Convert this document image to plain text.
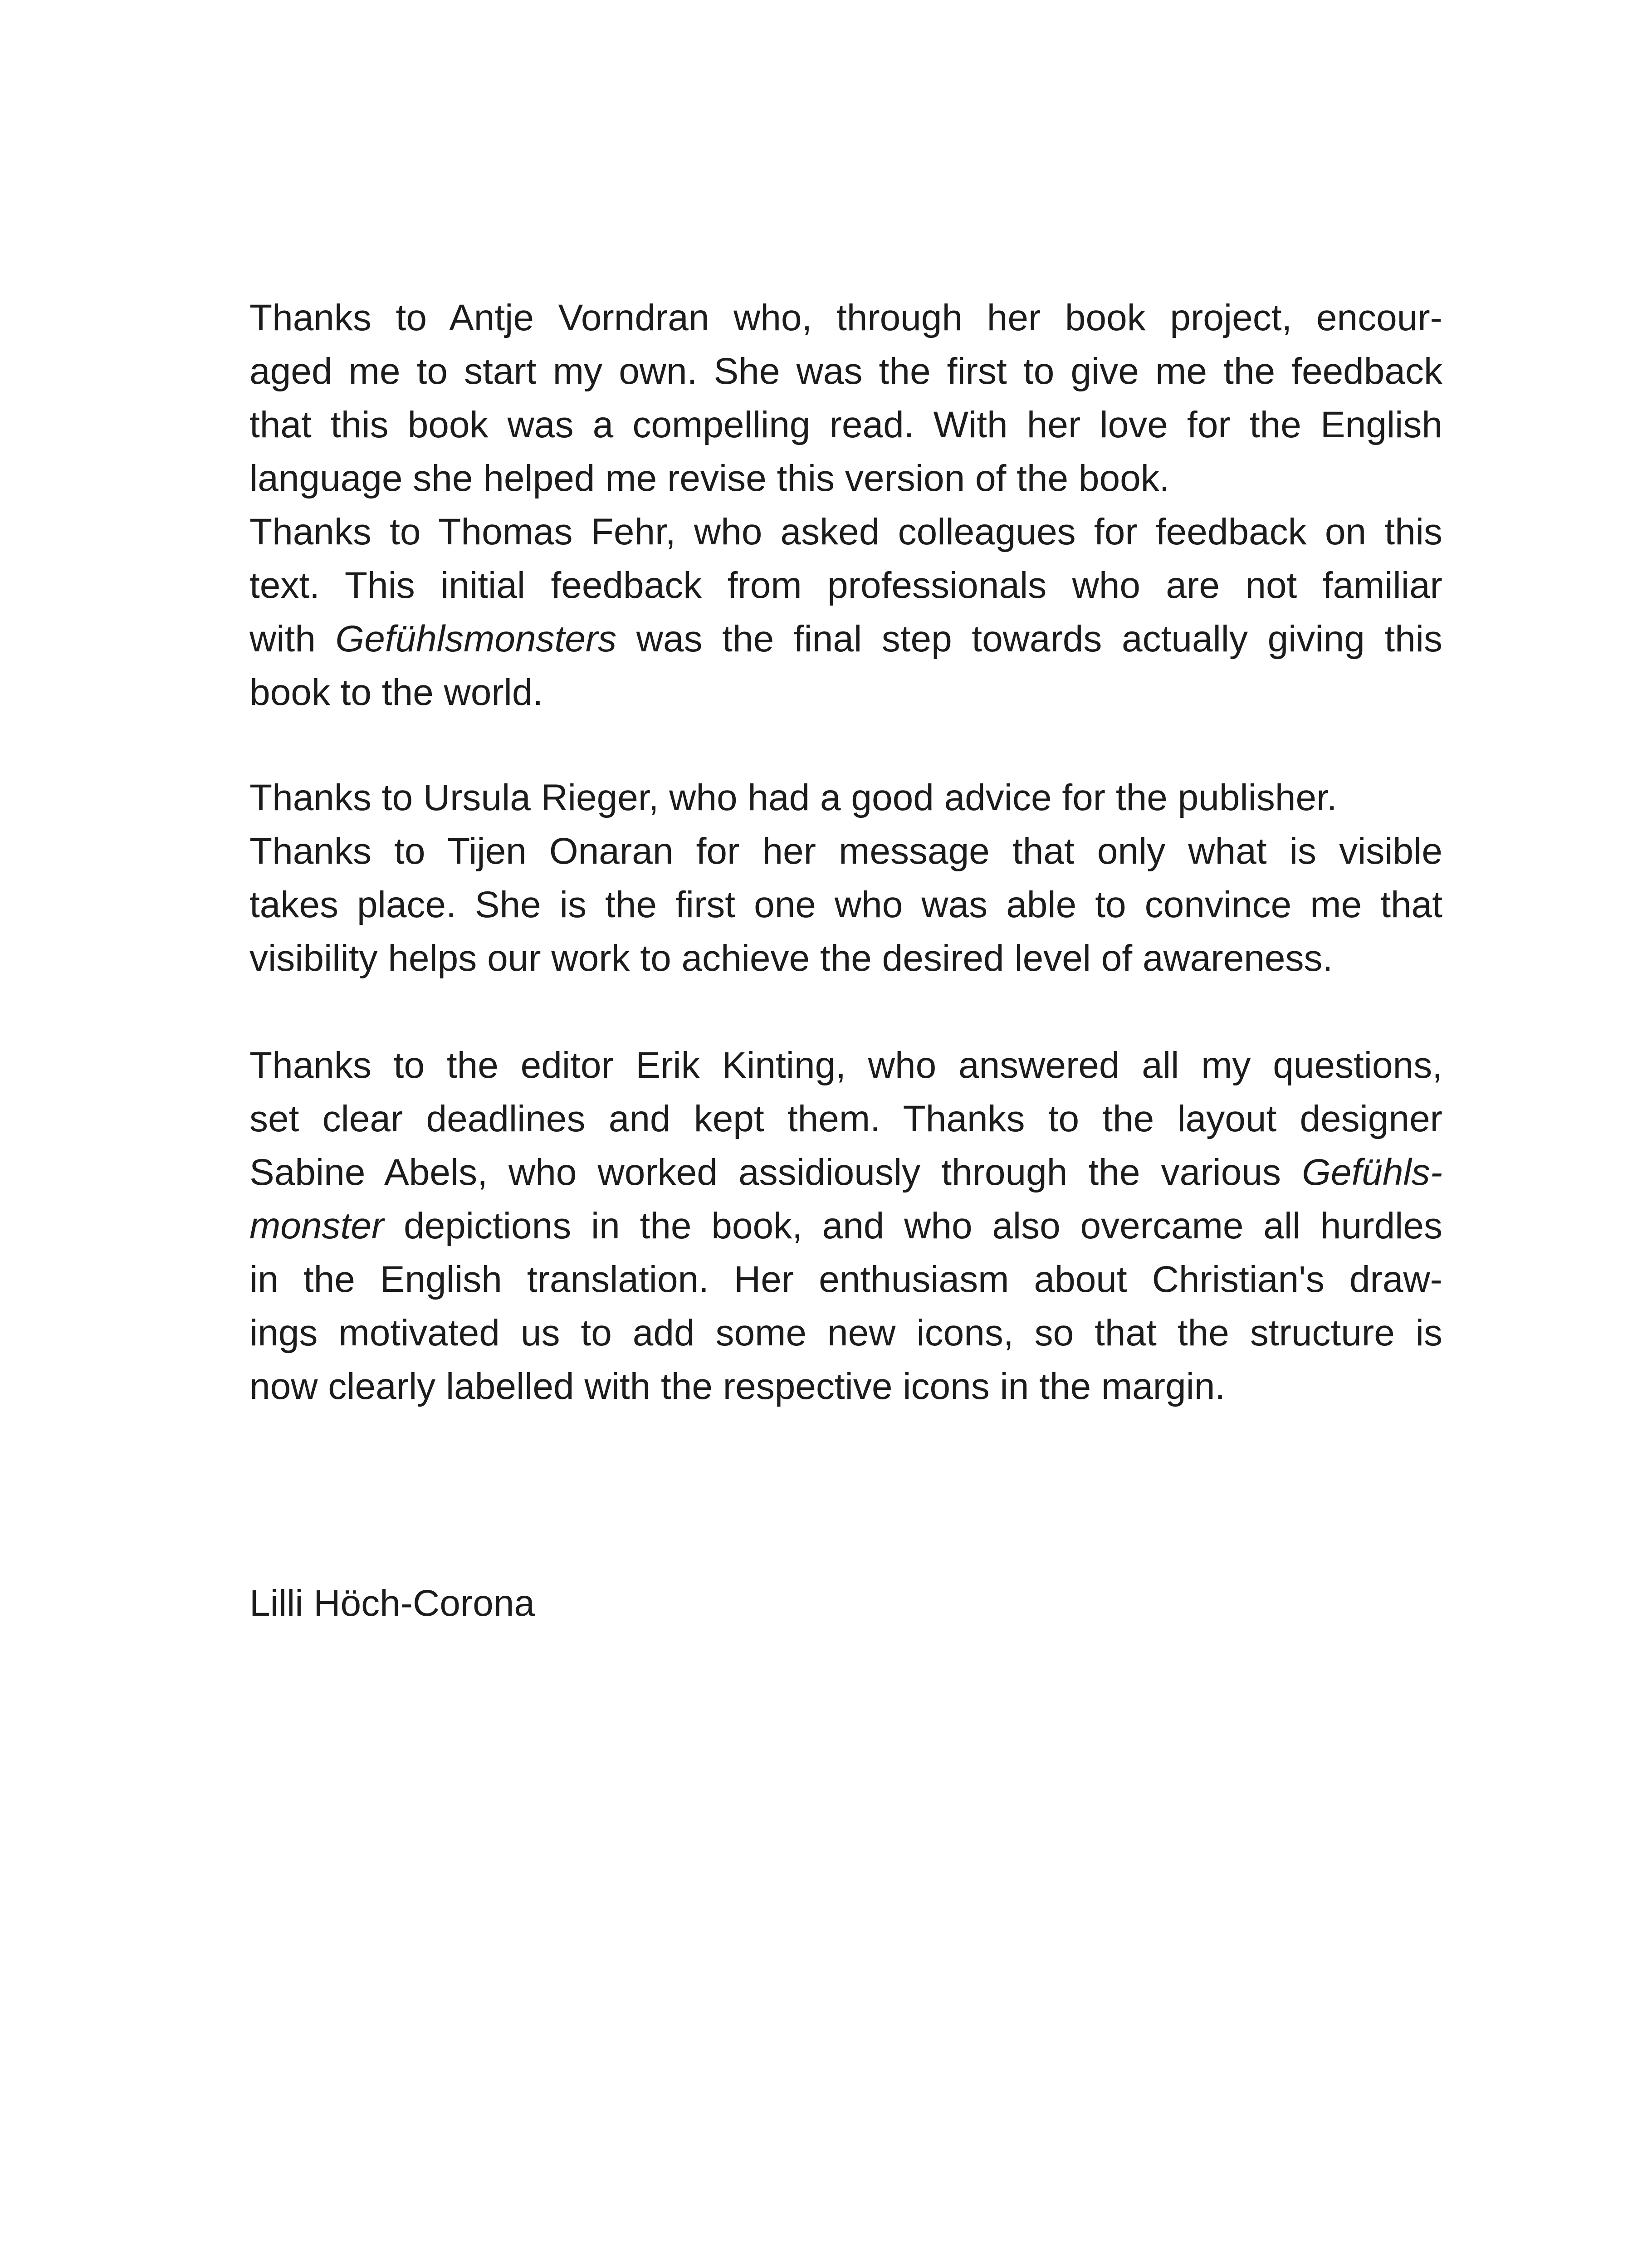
Thanks to Antje Vorndran who, through her book project, encour-
aged me to start my own. She was the first to give me the feedback
that this book was a compelling read. With her love for the English
language she helped me revise this version of the book.
Thanks to Thomas Fehr, who asked colleagues for feedback on this
text. This initial feedback from professionals who are not familiar
with Gefühlsmonsters was the final step towards actually giving this
book to the world.
Thanks to Ursula Rieger, who had a good advice for the publisher.
Thanks to Tijen Onaran for her message that only what is visible
takes place. She is the first one who was able to convince me that
visibility helps our work to achieve the desired level of awareness.
Thanks to the editor Erik Kinting, who answered all my questions,
set clear deadlines and kept them. Thanks to the layout designer
Sabine Abels, who worked assidiously through the various Gefühls-
monster depictions in the book, and who also overcame all hurdles
in the English translation. Her enthusiasm about Christian's draw-
ings motivated us to add some new icons, so that the structure is
now clearly labelled with the respective icons in the margin.
Lilli Höch-Corona
